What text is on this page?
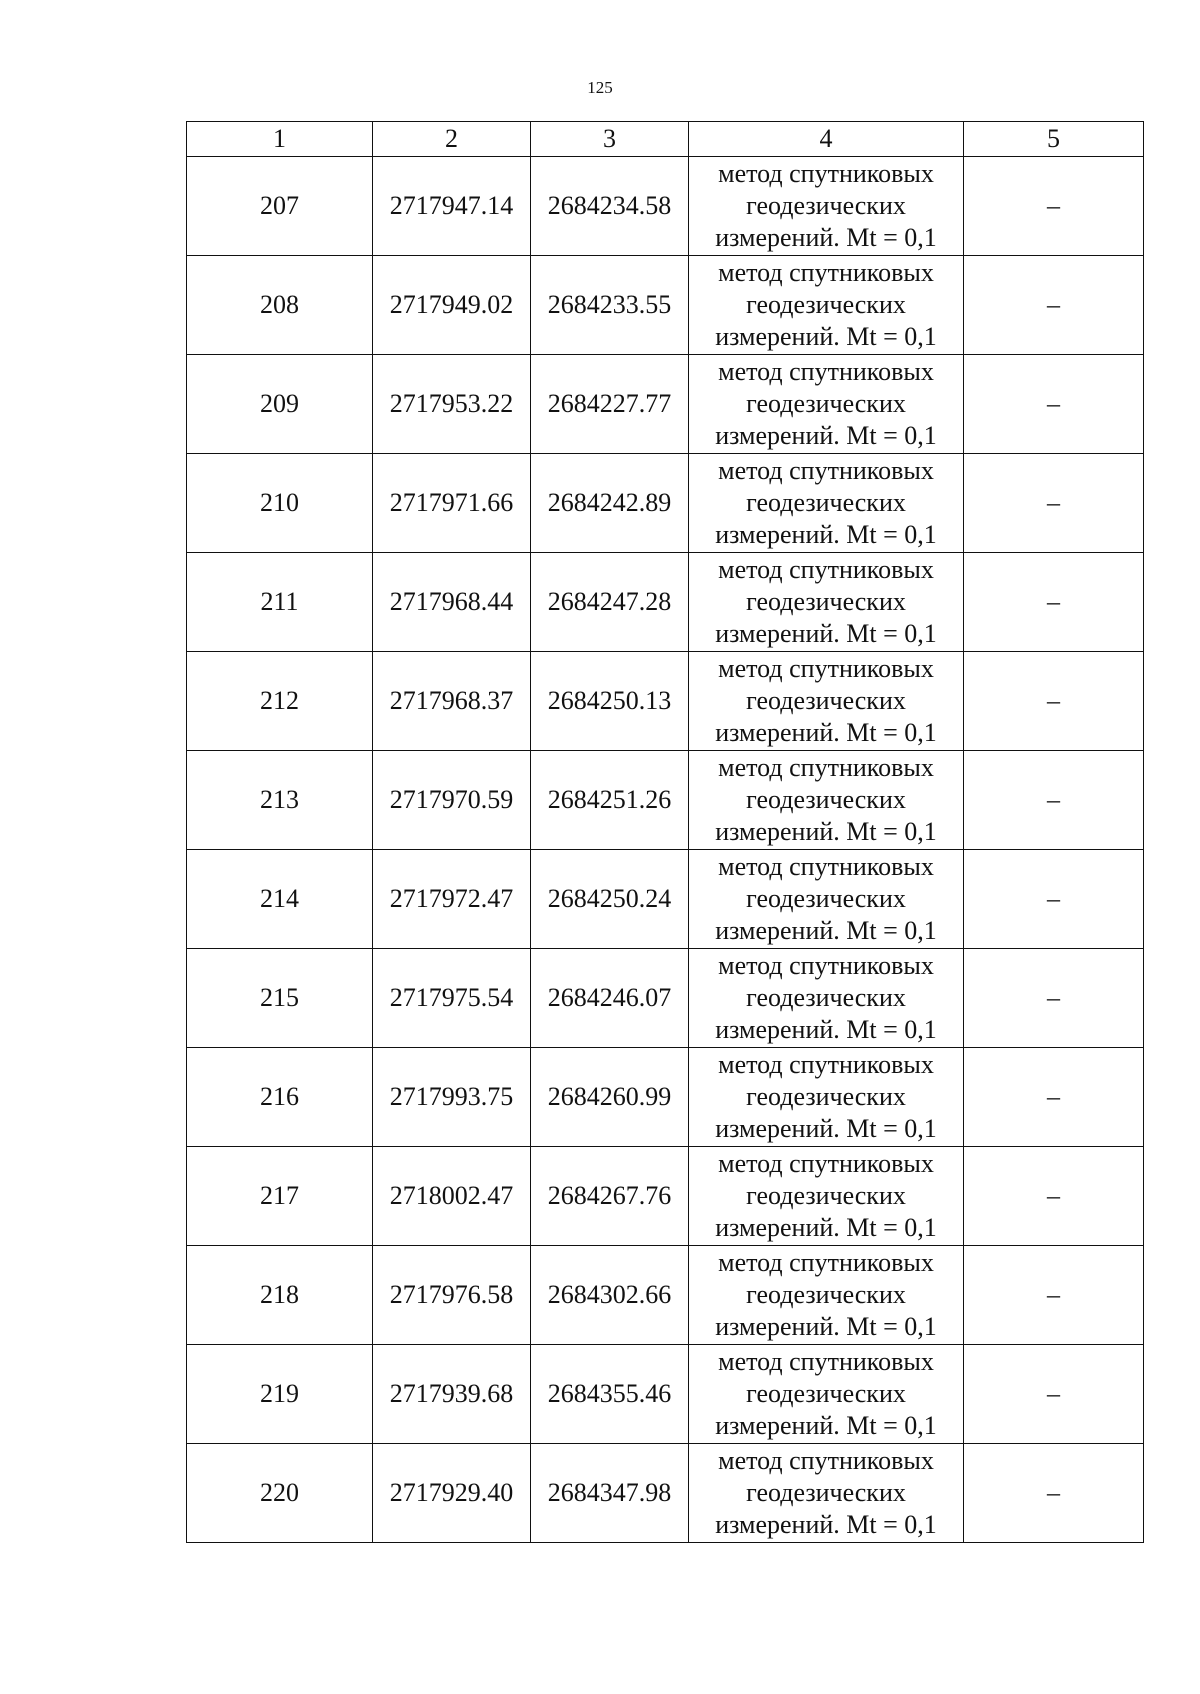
125
1	2	3	4	5
207	2717947.14	2684234.58	метод спутниковых
геодезических
измерений. Mt = 0,1	–
208	2717949.02	2684233.55	метод спутниковых
геодезических
измерений. Mt = 0,1	–
209	2717953.22	2684227.77	метод спутниковых
геодезических
измерений. Mt = 0,1	–
210	2717971.66	2684242.89	метод спутниковых
геодезических
измерений. Mt = 0,1	–
211	2717968.44	2684247.28	метод спутниковых
геодезических
измерений. Mt = 0,1	–
212	2717968.37	2684250.13	метод спутниковых
геодезических
измерений. Mt = 0,1	–
213	2717970.59	2684251.26	метод спутниковых
геодезических
измерений. Mt = 0,1	–
214	2717972.47	2684250.24	метод спутниковых
геодезических
измерений. Mt = 0,1	–
215	2717975.54	2684246.07	метод спутниковых
геодезических
измерений. Mt = 0,1	–
216	2717993.75	2684260.99	метод спутниковых
геодезических
измерений. Mt = 0,1	–
217	2718002.47	2684267.76	метод спутниковых
геодезических
измерений. Mt = 0,1	–
218	2717976.58	2684302.66	метод спутниковых
геодезических
измерений. Mt = 0,1	–
219	2717939.68	2684355.46	метод спутниковых
геодезических
измерений. Mt = 0,1	–
220	2717929.40	2684347.98	метод спутниковых
геодезических
измерений. Mt = 0,1	–
